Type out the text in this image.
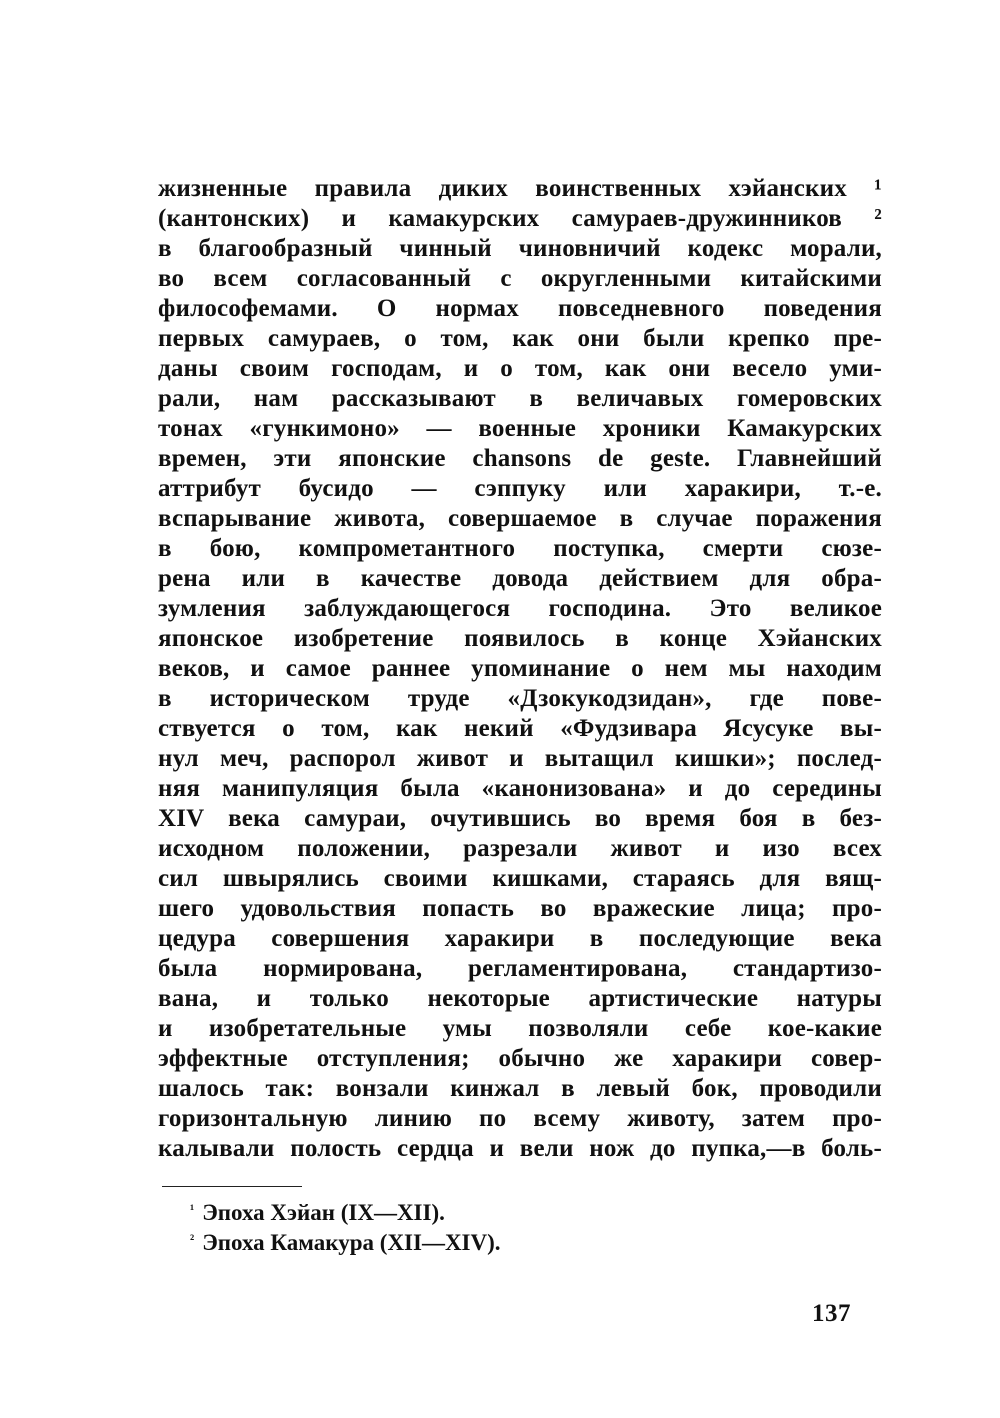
жизненные правила диких воинственных хэйанских ¹
(кантонских) и камакурских самураев-дружинников ²
в благообразный чинный чиновничий кодекс морали,
во всем согласованный с округленными китайскими
философемами. О нормах повседневного поведения
первых самураев, о том, как они были крепко пре-
даны своим господам, и о том, как они весело уми-
рали, нам рассказывают в величавых гомеровских
тонах «гункимоно» — военные хроники Камакурских
времен, эти японские chansons de geste. Главнейший
аттрибут бусидо — сэппуку или харакири, т.-е.
вспарывание живота, совершаемое в случае поражения
в бою, компрометантного поступка, смерти сюзе-
рена или в качестве довода действием для обра-
зумления заблуждающегося господина. Это великое
японское изобретение появилось в конце Хэйанских
веков, и самое раннее упоминание о нем мы находим
в историческом труде «Дзокукодзидан», где пове-
ствуется о том, как некий «Фудзивара Ясусуке вы-
нул меч, распорол живот и вытащил кишки»; послед-
няя манипуляция была «канонизована» и до середины
XIV века самураи, очутившись во время боя в без-
исходном положении, разрезали живот и изо всех
сил швырялись своими кишками, стараясь для вящ-
шего удовольствия попасть во вражеские лица; про-
цедура совершения харакири в последующие века
была нормирована, регламентирована, стандартизо-
вана, и только некоторые артистические натуры
и изобретательные умы позволяли себе кое-какие
эффектные отступления; обычно же харакири совер-
шалось так: вонзали кинжал в левый бок, проводили
горизонтальную линию по всему животу, затем про-
калывали полость сердца и вели нож до пупка,—в боль-
$^{^1}$ Эпоха Хэйан (IX—XII).
$^{^2}$ Эпоха Камакура (XII—XIV).
137
